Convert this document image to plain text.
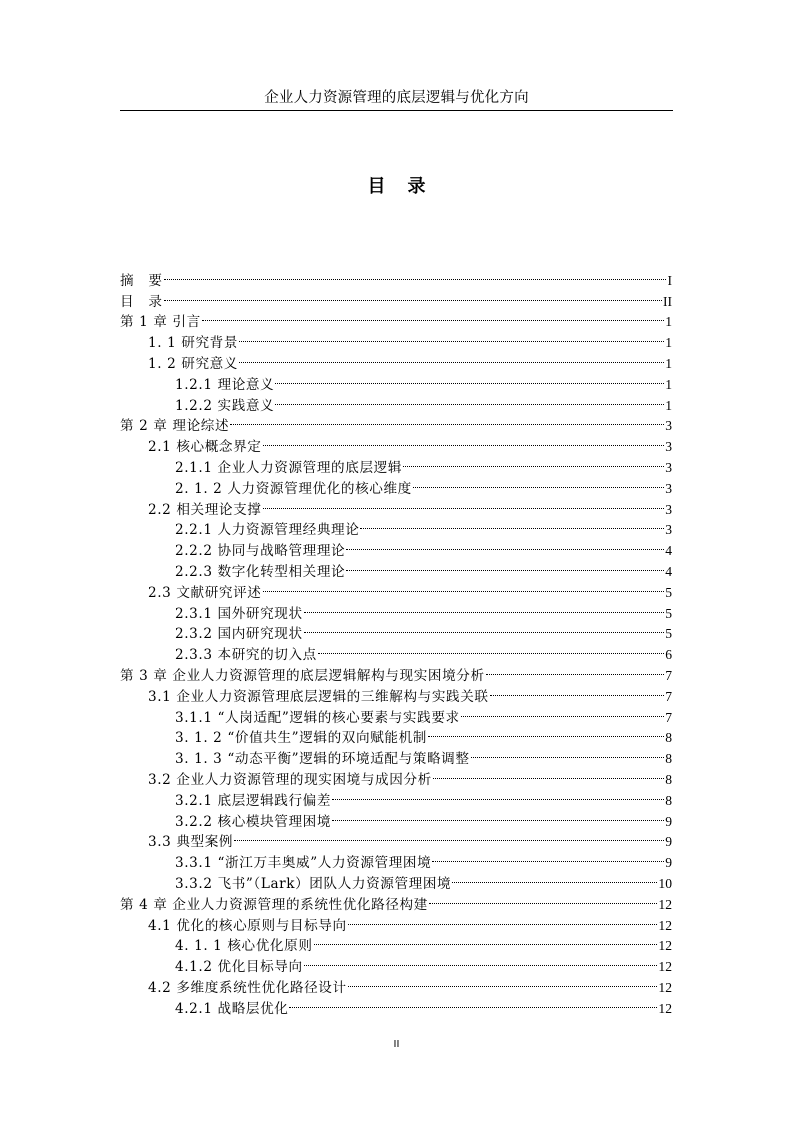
企业人力资源管理的底层逻辑与优化方向
目 录
摘　要	I
目　录	II
第 1 章 引言	1
1. 1 研究背景	1
1. 2 研究意义	1
1.2.1 理论意义	1
1.2.2 实践意义	1
第 2 章 理论综述	3
2.1 核心概念界定	3
2.1.1 企业人力资源管理的底层逻辑	3
2. 1. 2 人力资源管理优化的核心维度	3
2.2 相关理论支撑	3
2.2.1 人力资源管理经典理论	3
2.2.2 协同与战略管理理论	4
2.2.3 数字化转型相关理论	4
2.3 文献研究评述	5
2.3.1 国外研究现状	5
2.3.2 国内研究现状	5
2.3.3 本研究的切入点	6
第 3 章 企业人力资源管理的底层逻辑解构与现实困境分析	7
3.1 企业人力资源管理底层逻辑的三维解构与实践关联	7
3.1.1 “人岗适配”逻辑的核心要素与实践要求	7
3. 1. 2 “价值共生”逻辑的双向赋能机制	8
3. 1. 3 “动态平衡”逻辑的环境适配与策略调整	8
3.2 企业人力资源管理的现实困境与成因分析	8
3.2.1 底层逻辑践行偏差	8
3.2.2 核心模块管理困境	9
3.3 典型案例	9
3.3.1 “浙江万丰奥威”人力资源管理困境	9
3.3.2 飞书”（Lark）团队人力资源管理困境	10
第 4 章 企业人力资源管理的系统性优化路径构建	12
4.1 优化的核心原则与目标导向	12
4. 1. 1 核心优化原则	12
4.1.2 优化目标导向	12
4.2 多维度系统性优化路径设计	12
4.2.1 战略层优化	12
II
